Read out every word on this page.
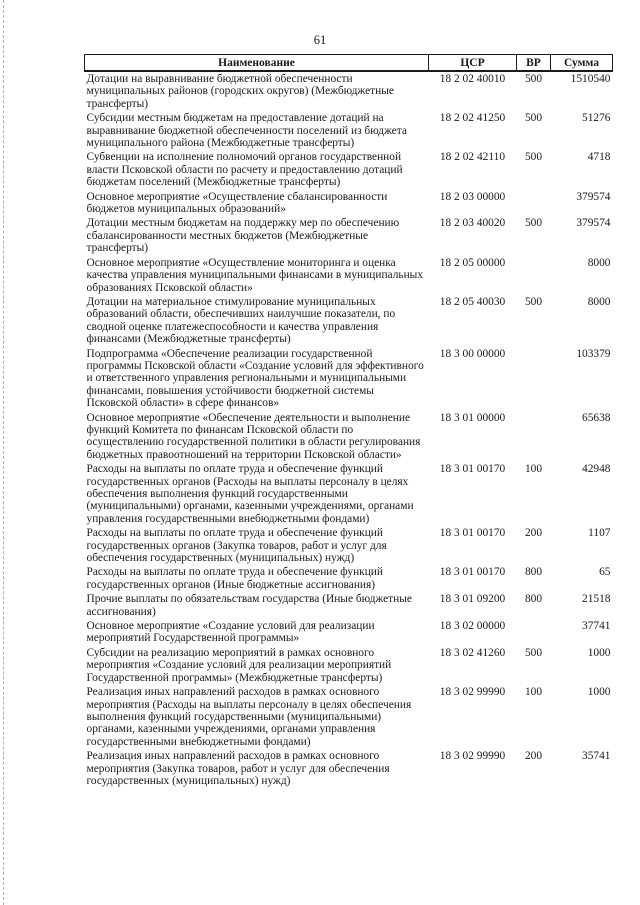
61
Наименование	ЦСР	ВР	Сумма
Дотации на выравнивание бюджетной обеспеченности муниципальных районов (городских округов) (Межбюджетные трансферты)	18 2 02 40010	500	1510540
Субсидии местным бюджетам на предоставление дотаций на выравнивание бюджетной обеспеченности поселений из бюджета муниципального района (Межбюджетные трансферты)	18 2 02 41250	500	51276
Субвенции на исполнение полномочий органов государственной власти Псковской области по расчету и предоставлению дотаций бюджетам поселений (Межбюджетные трансферты)	18 2 02 42110	500	4718
Основное мероприятие «Осуществление сбалансированности бюджетов муниципальных образований»	18 2 03 00000		379574
Дотации местным бюджетам на поддержку мер по обеспечению сбалансированности местных бюджетов (Межбюджетные трансферты)	18 2 03 40020	500	379574
Основное мероприятие «Осуществление мониторинга и оценка качества управления муниципальными финансами в муниципальных образованиях Псковской области»	18 2 05 00000		8000
Дотации на материальное стимулирование муниципальных образований области, обеспечивших наилучшие показатели, по сводной оценке платежеспособности и качества управления финансами (Межбюджетные трансферты)	18 2 05 40030	500	8000
Подпрограмма «Обеспечение реализации государственной программы Псковской области «Создание условий для эффективного и ответственного управления региональными и муниципальными финансами, повышения устойчивости бюджетной системы Псковской области» в сфере финансов»	18 3 00 00000		103379
Основное мероприятие «Обеспечение деятельности и выполнение функций Комитета по финансам Псковской области по осуществлению государственной политики в области регулирования бюджетных правоотношений на территории Псковской области»	18 3 01 00000		65638
Расходы на выплаты по оплате труда и обеспечение функций государственных органов (Расходы на выплаты персоналу в целях обеспечения выполнения функций государственными (муниципальными) органами, казенными учреждениями, органами управления государственными внебюджетными фондами)	18 3 01 00170	100	42948
Расходы на выплаты по оплате труда и обеспечение функций государственных органов (Закупка товаров, работ и услуг для обеспечения государственных (муниципальных) нужд)	18 3 01 00170	200	1107
Расходы на выплаты по оплате труда и обеспечение функций государственных органов (Иные бюджетные ассигнования)	18 3 01 00170	800	65
Прочие выплаты по обязательствам государства (Иные бюджетные ассигнования)	18 3 01 09200	800	21518
Основное мероприятие «Создание условий для реализации мероприятий Государственной программы»	18 3 02 00000		37741
Субсидии на реализацию мероприятий в рамках основного мероприятия «Создание условий для реализации мероприятий Государственной программы» (Межбюджетные трансферты)	18 3 02 41260	500	1000
Реализация иных направлений расходов в рамках основного мероприятия (Расходы на выплаты персоналу в целях обеспечения выполнения функций государственными (муниципальными) органами, казенными учреждениями, органами управления государственными внебюджетными фондами)	18 3 02 99990	100	1000
Реализация иных направлений расходов в рамках основного мероприятия (Закупка товаров, работ и услуг для обеспечения государственных (муниципальных) нужд)	18 3 02 99990	200	35741
